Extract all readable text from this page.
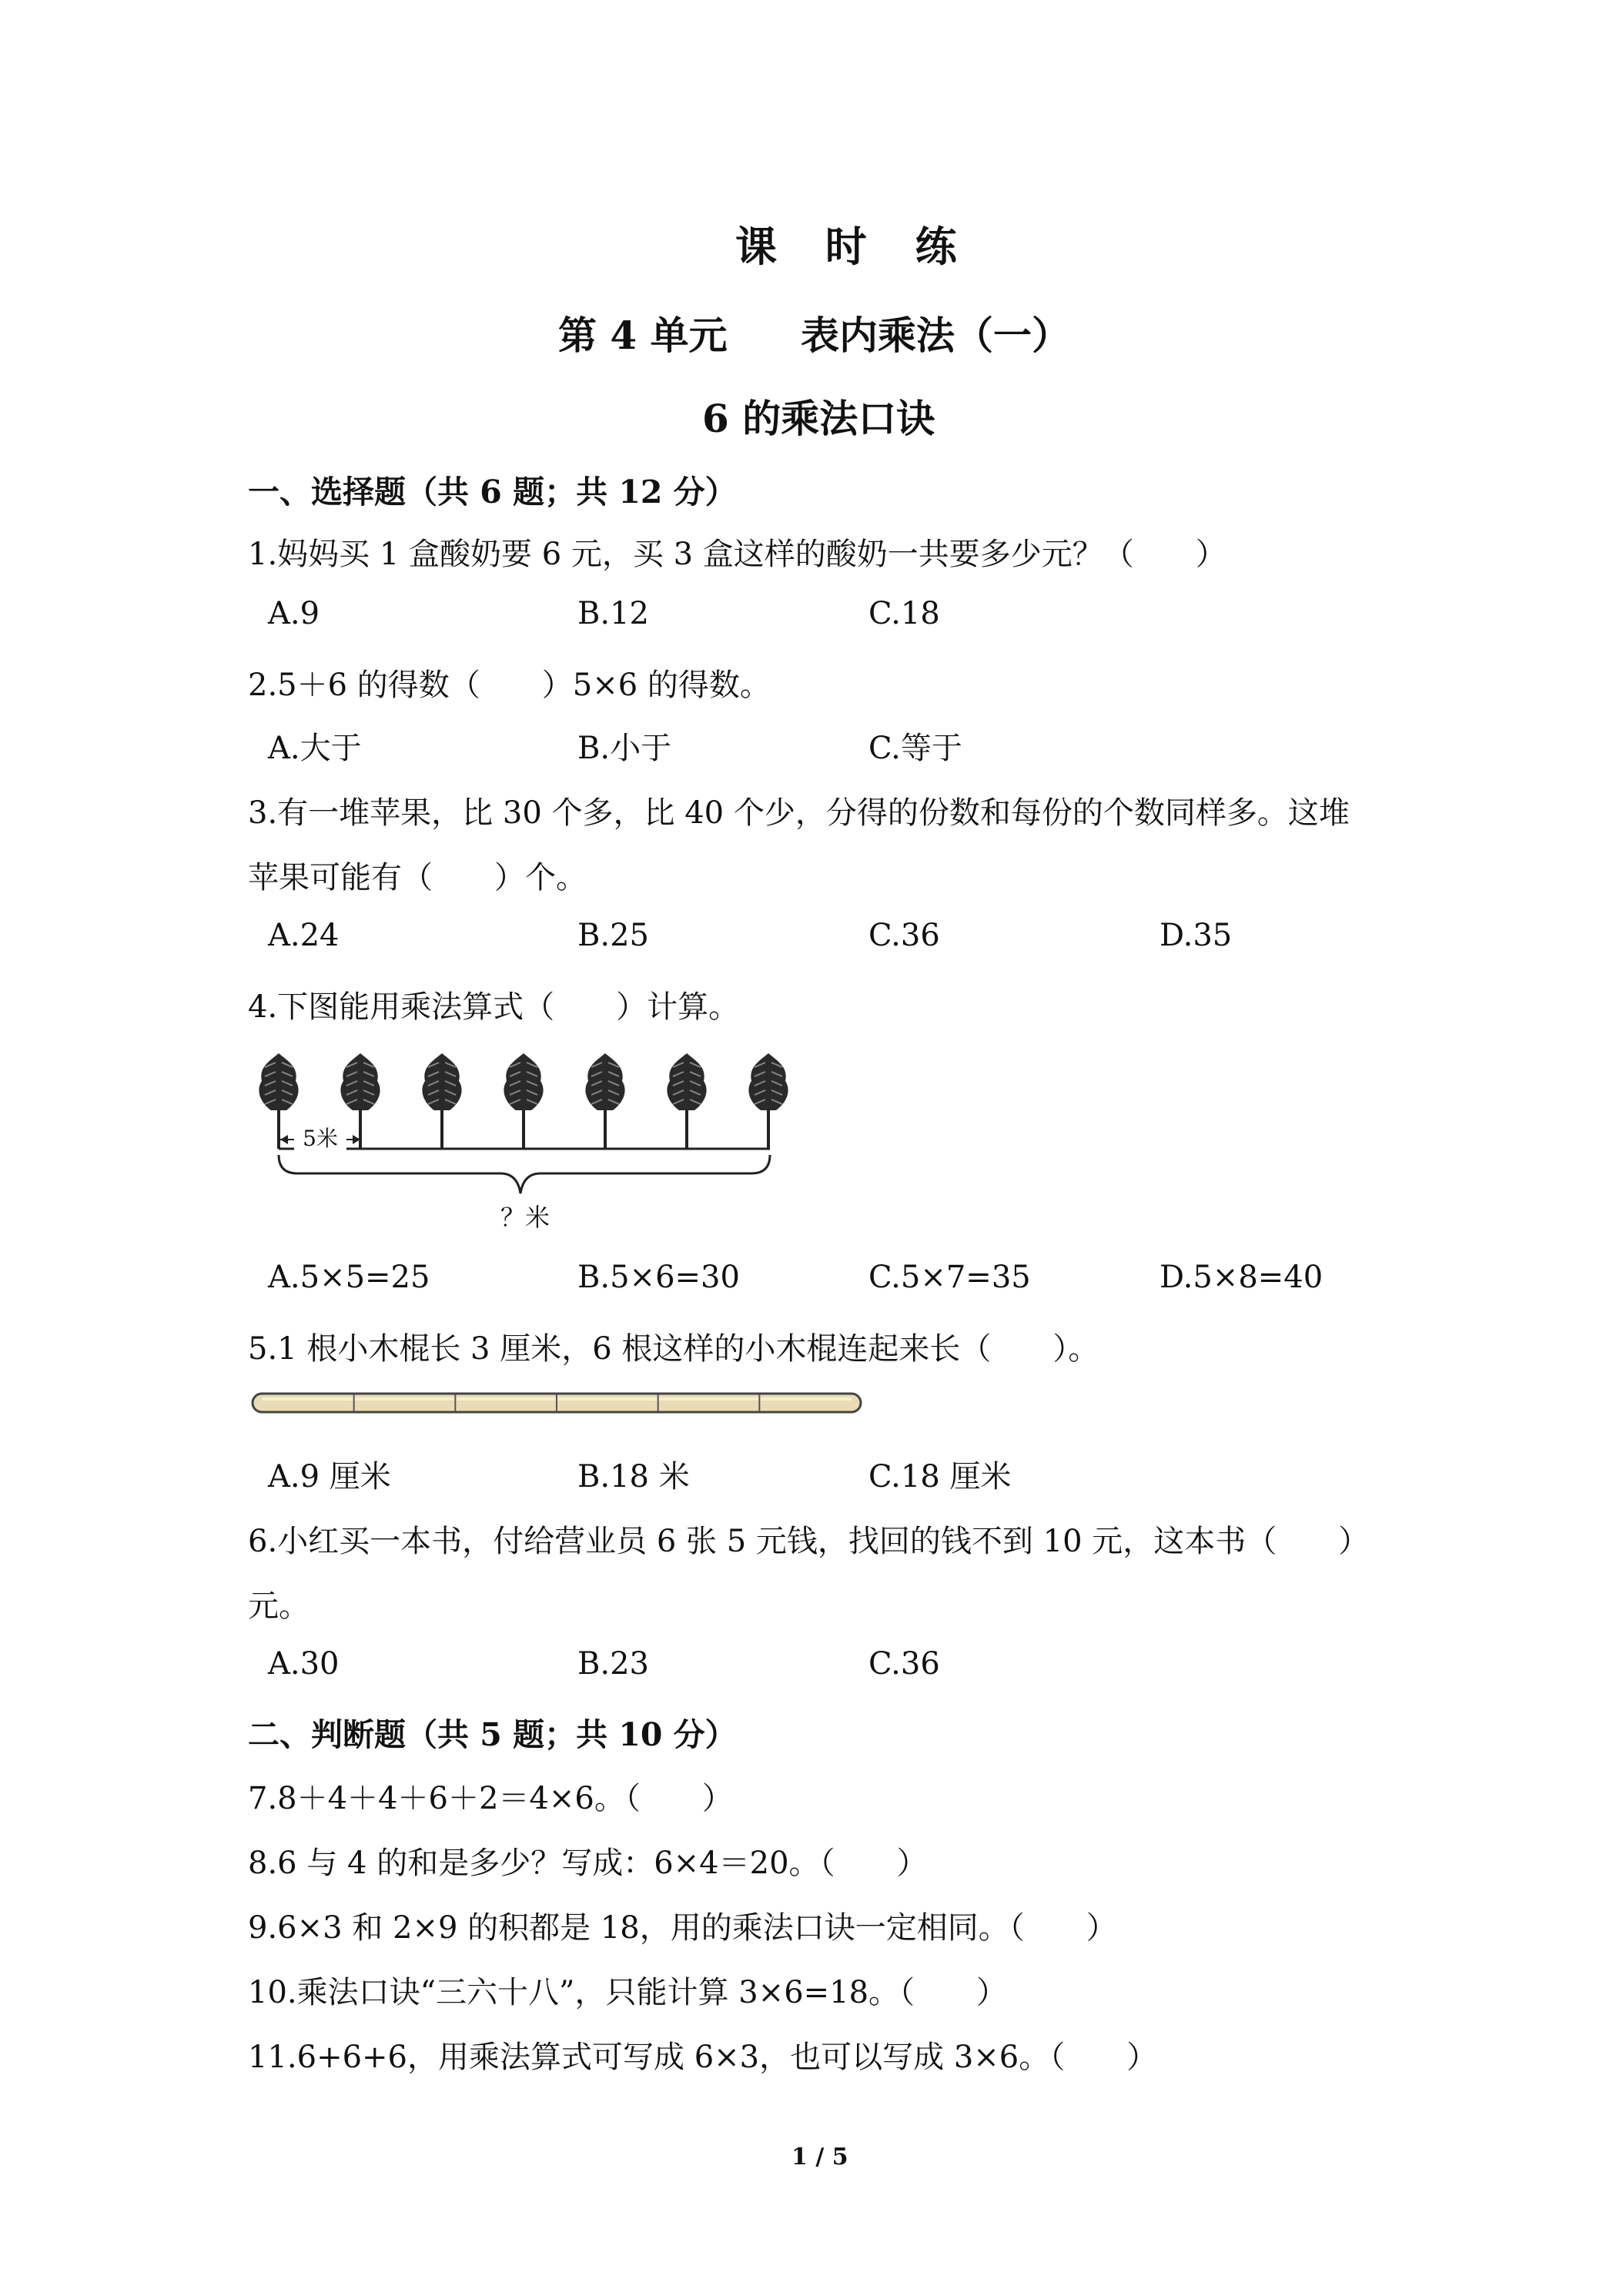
课 时 练
第 4 单元 表内乘法（一）
6 的乘法口诀
一、选择题（共 6 题；共 12 分）
1.妈妈买 1 盒酸奶要 6 元，买 3 盒这样的酸奶一共要多少元？（　　）
A.9	B.12	C.18
2.5＋6 的得数（　　）5×6 的得数。
A.大于	B.小于	C.等于
3.有一堆苹果，比 30 个多，比 40 个少，分得的份数和每份的个数同样多。这堆
苹果可能有（　　）个。
A.24	B.25	C.36	D.35
4.下图能用乘法算式（　　）计算。
5米
？米
A.5×5=25	B.5×6=30	C.5×7=35	D.5×8=40
5.1 根小木棍长 3 厘米，6 根这样的小木棍连起来长（　　）。
A.9 厘米	B.18 米	C.18 厘米
6.小红买一本书，付给营业员 6 张 5 元钱，找回的钱不到 10 元，这本书（　　）
元。
A.30	B.23	C.36
二、判断题（共 5 题；共 10 分）
7.8＋4＋4＋6＋2＝4×6。（　　）
8.6 与 4 的和是多少？写成：6×4＝20。（　　）
9.6×3 和 2×9 的积都是 18，用的乘法口诀一定相同。（　　）
10.乘法口诀“三六十八”，只能计算 3×6=18。（　　）
11.6+6+6，用乘法算式可写成 6×3，也可以写成 3×6。（　　）
1 / 5
